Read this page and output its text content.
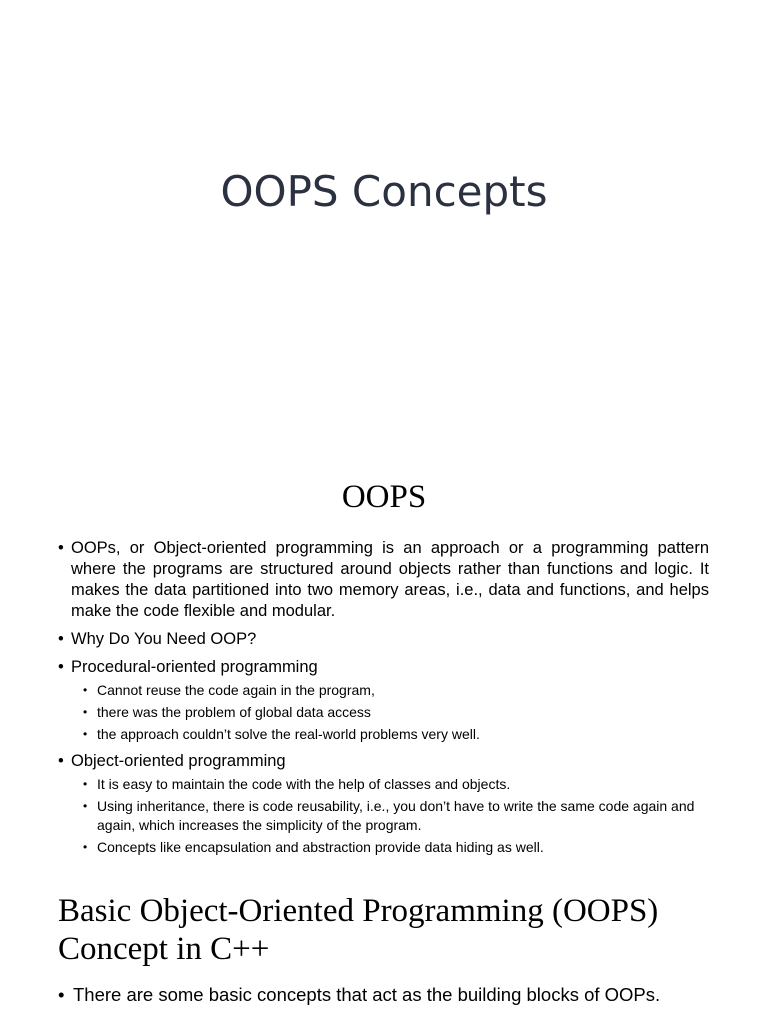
OOPS Concepts
OOPS
• OOPs, or Object-oriented programming is an approach or a programming pattern where the programs are structured around objects rather than functions and logic. It makes the data partitioned into two memory areas, i.e., data and functions, and helps make the code flexible and modular.
• Why Do You Need OOP?
• Procedural-oriented programming
• Cannot reuse the code again in the program,
• there was the problem of global data access
• the approach couldn’t solve the real-world problems very well.
• Object-oriented programming
• It is easy to maintain the code with the help of classes and objects.
• Using inheritance, there is code reusability, i.e., you don’t have to write the same code again and again, which increases the simplicity of the program.
• Concepts like encapsulation and abstraction provide data hiding as well.
Basic Object-Oriented Programming (OOPS) Concept in C++
• There are some basic concepts that act as the building blocks of OOPs.
